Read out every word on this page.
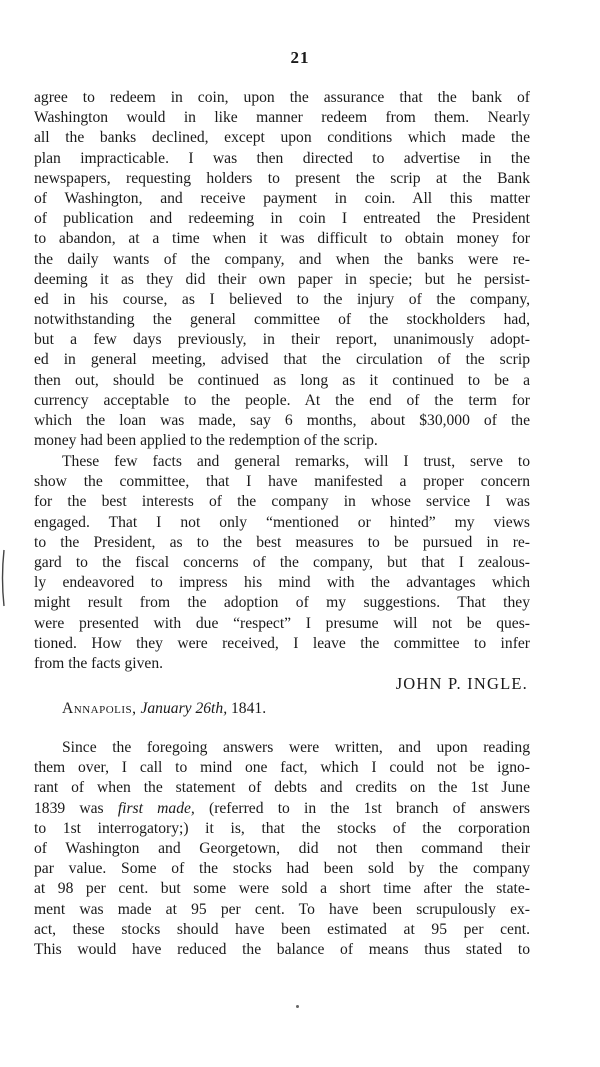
21
agree to redeem in coin, upon the assurance that the bank of
Washington would in like manner redeem from them. Nearly
all the banks declined, except upon conditions which made the
plan impracticable. I was then directed to advertise in the
newspapers, requesting holders to present the scrip at the Bank
of Washington, and receive payment in coin. All this matter
of publication and redeeming in coin I entreated the President
to abandon, at a time when it was difficult to obtain money for
the daily wants of the company, and when the banks were re-
deeming it as they did their own paper in specie; but he persist-
ed in his course, as I believed to the injury of the company,
notwithstanding the general committee of the stockholders had,
but a few days previously, in their report, unanimously adopt-
ed in general meeting, advised that the circulation of the scrip
then out, should be continued as long as it continued to be a
currency acceptable to the people. At the end of the term for
which the loan was made, say 6 months, about $30,000 of the
money had been applied to the redemption of the scrip.
These few facts and general remarks, will I trust, serve to
show the committee, that I have manifested a proper concern
for the best interests of the company in whose service I was
engaged. That I not only “mentioned or hinted” my views
to the President, as to the best measures to be pursued in re-
gard to the fiscal concerns of the company, but that I zealous-
ly endeavored to impress his mind with the advantages which
might result from the adoption of my suggestions. That they
were presented with due “respect” I presume will not be ques-
tioned. How they were received, I leave the committee to infer
from the facts given.
JOHN P. INGLE.
Annapolis, January 26th, 1841.
Since the foregoing answers were written, and upon reading
them over, I call to mind one fact, which I could not be igno-
rant of when the statement of debts and credits on the 1st June
1839 was first made, (referred to in the 1st branch of answers
to 1st interrogatory;) it is, that the stocks of the corporation
of Washington and Georgetown, did not then command their
par value. Some of the stocks had been sold by the company
at 98 per cent. but some were sold a short time after the state-
ment was made at 95 per cent. To have been scrupulously ex-
act, these stocks should have been estimated at 95 per cent.
This would have reduced the balance of means thus stated to
